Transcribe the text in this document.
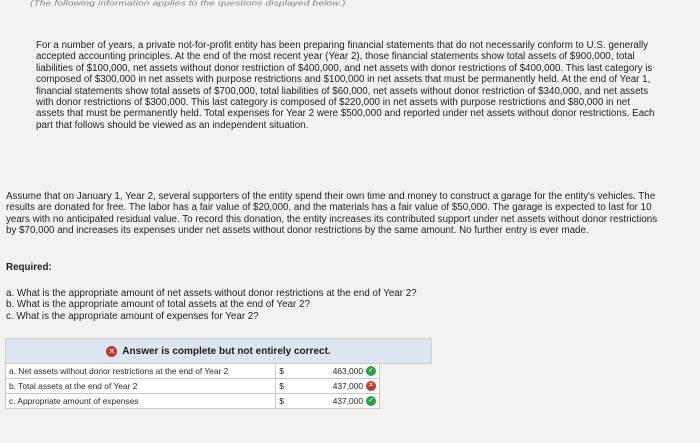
(The following information applies to the questions displayed below.)
For a number of years, a private not-for-profit entity has been preparing financial statements that do not necessarily conform to U.S. generally accepted accounting principles. At the end of the most recent year (Year 2), those financial statements show total assets of $900,000, total liabilities of $100,000, net assets without donor restriction of $400,000, and net assets with donor restrictions of $400,000. This last category is composed of $300,000 in net assets with purpose restrictions and $100,000 in net assets that must be permanently held. At the end of Year 1, financial statements show total assets of $700,000, total liabilities of $60,000, net assets without donor restriction of $340,000, and net assets with donor restrictions of $300,000. This last category is composed of $220,000 in net assets with purpose restrictions and $80,000 in net assets that must be permanently held. Total expenses for Year 2 were $500,000 and reported under net assets without donor restrictions. Each part that follows should be viewed as an independent situation.
Assume that on January 1, Year 2, several supporters of the entity spend their own time and money to construct a garage for the entity's vehicles. The results are donated for free. The labor has a fair value of $20,000, and the materials has a fair value of $50,000. The garage is expected to last for 10 years with no anticipated residual value. To record this donation, the entity increases its contributed support under net assets without donor restrictions by $70,000 and increases its expenses under net assets without donor restrictions by the same amount. No further entry is ever made.
Required:
a. What is the appropriate amount of net assets without donor restrictions at the end of Year 2?
b. What is the appropriate amount of total assets at the end of Year 2?
c. What is the appropriate amount of expenses for Year 2?
✕ Answer is complete but not entirely correct.
a. Net assets without donor restrictions at the end of Year 2	$	463,000 ✓
b. Total assets at the end of Year 2	$	437,000 ✕
c. Appropriate amount of expenses	$	437,000 ✓
